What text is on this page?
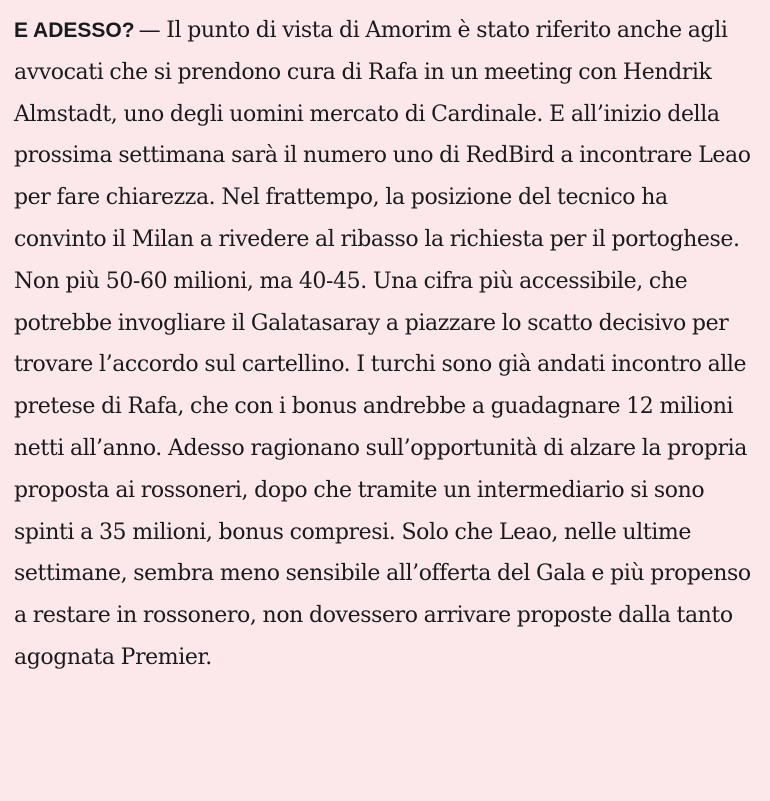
E ADESSO? — Il punto di vista di Amorim è stato riferito anche agli avvocati che si prendono cura di Rafa in un meeting con Hendrik Almstadt, uno degli uomini mercato di Cardinale. E all’inizio della prossima settimana sarà il numero uno di RedBird a incontrare Leao per fare chiarezza. Nel frattempo, la posizione del tecnico ha convinto il Milan a rivedere al ribasso la richiesta per il portoghese. Non più 50-60 milioni, ma 40-45. Una cifra più accessibile, che potrebbe invogliare il Galatasaray a piazzare lo scatto decisivo per trovare l’accordo sul cartellino. I turchi sono già andati incontro alle pretese di Rafa, che con i bonus andrebbe a guadagnare 12 milioni netti all’anno. Adesso ragionano sull’opportunità di alzare la propria proposta ai rossoneri, dopo che tramite un intermediario si sono spinti a 35 milioni, bonus compresi. Solo che Leao, nelle ultime settimane, sembra meno sensibile all’offerta del Gala e più propenso a restare in rossonero, non dovessero arrivare proposte dalla tanto agognata Premier.
